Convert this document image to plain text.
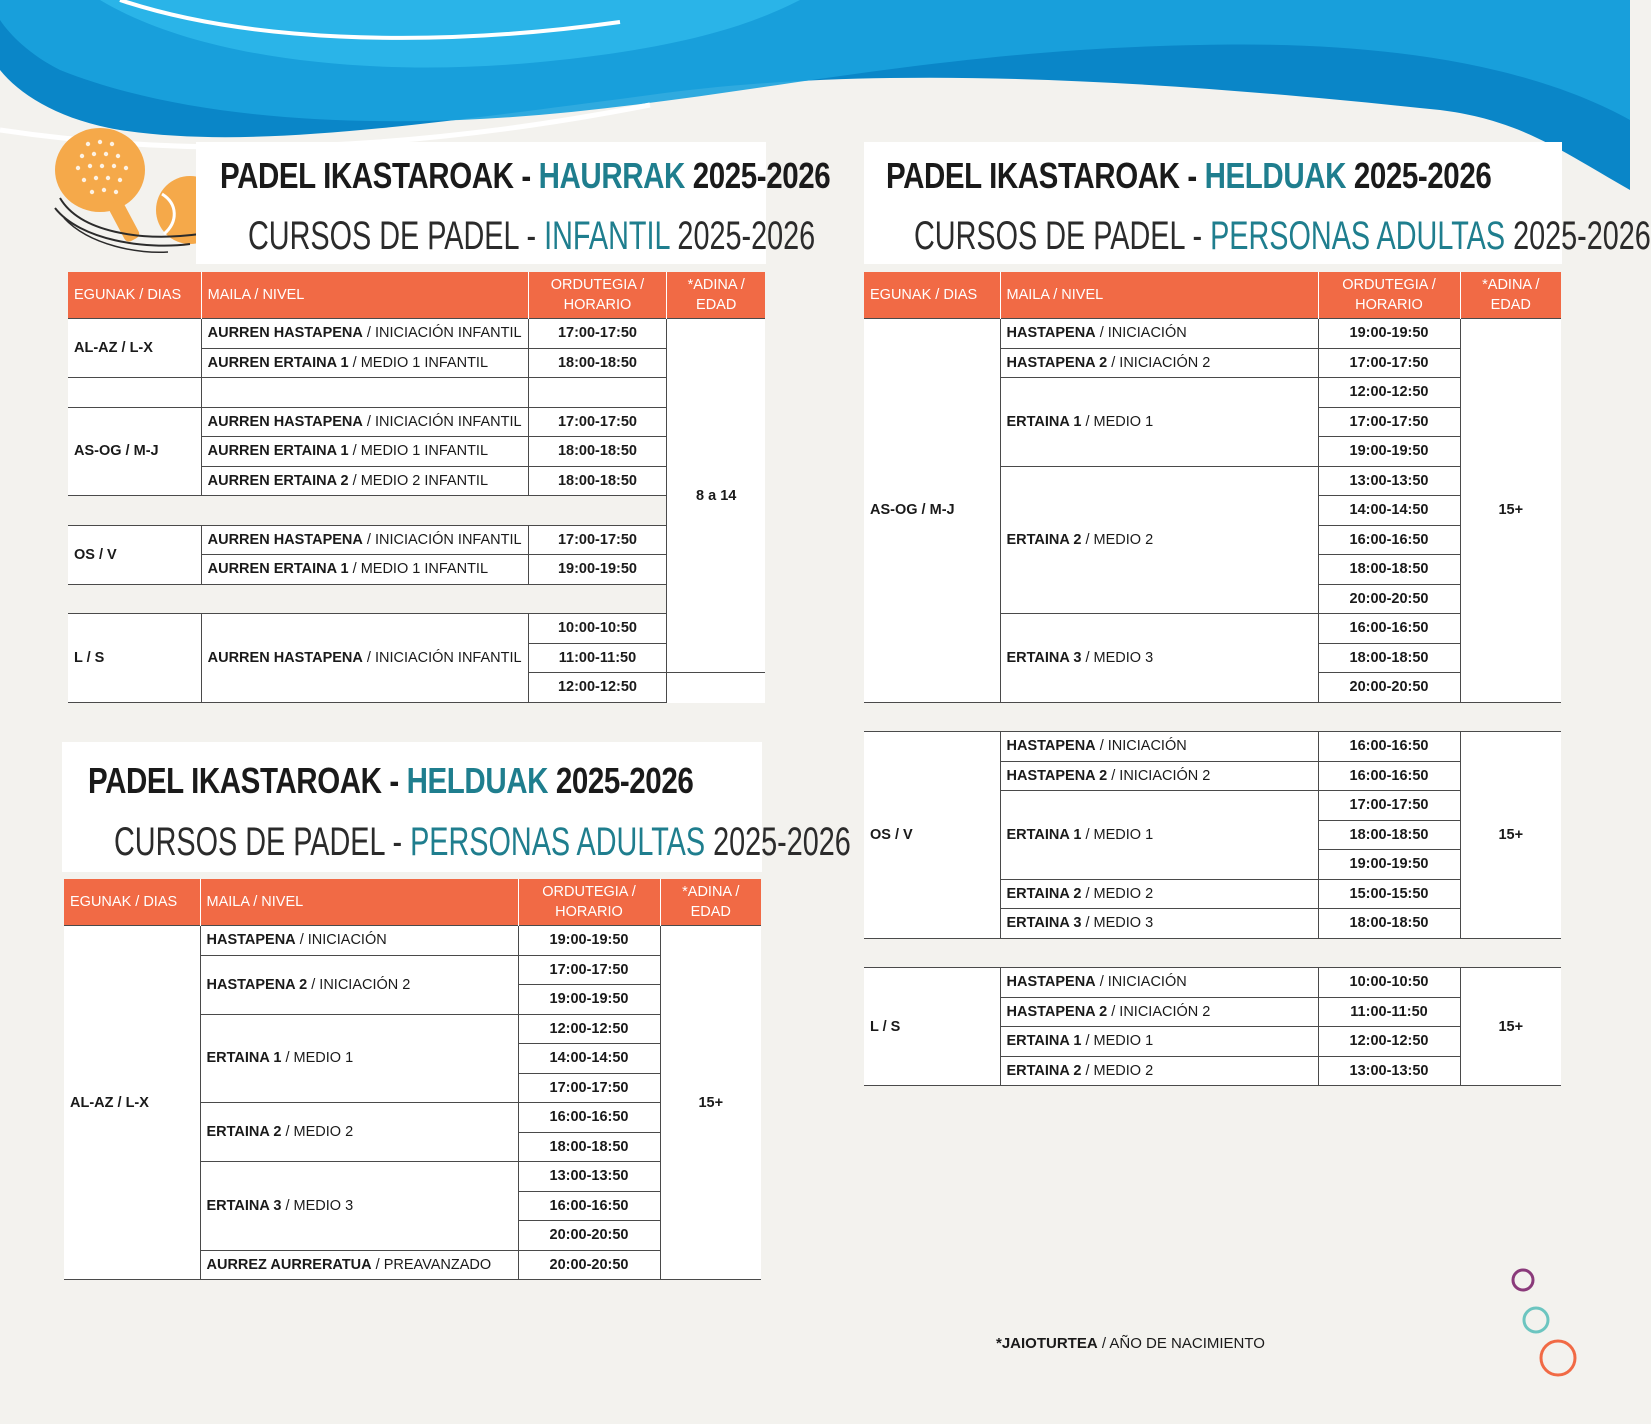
PADEL IKASTAROAK - HAURRAK 2025-2026
CURSOS DE PADEL - INFANTIL 2025-2026
EGUNAK / DIAS	MAILA / NIVEL	ORDUTEGIA /
HORARIO	*ADINA /
EDAD
AL-AZ / L-X	AURREN HASTAPENA / INICIACIÓN INFANTIL	17:00-17:50	8 a 14
	AURREN ERTAINA 1 / MEDIO 1 INFANTIL	18:00-18:50	

AS-OG / M-J	AURREN HASTAPENA / INICIACIÓN INFANTIL	17:00-17:50	
	AURREN ERTAINA 1 / MEDIO 1 INFANTIL	18:00-18:50	
	AURREN ERTAINA 2 / MEDIO 2 INFANTIL	18:00-18:50	

OS / V	AURREN HASTAPENA / INICIACIÓN INFANTIL	17:00-17:50	
	AURREN ERTAINA 1 / MEDIO 1 INFANTIL	19:00-19:50	

L / S	AURREN HASTAPENA / INICIACIÓN INFANTIL	10:00-10:50	
		11:00-11:50	
		12:00-12:50	
PADEL IKASTAROAK - HELDUAK 2025-2026
CURSOS DE PADEL - PERSONAS ADULTAS 2025-2026
EGUNAK / DIAS	MAILA / NIVEL	ORDUTEGIA /
HORARIO	*ADINA /
EDAD
AL-AZ / L-X	HASTAPENA / INICIACIÓN	19:00-19:50	15+
	HASTAPENA 2 / INICIACIÓN 2	17:00-17:50	
		19:00-19:50	
	ERTAINA 1 / MEDIO 1	12:00-12:50	
		14:00-14:50	
		17:00-17:50	
	ERTAINA 2 / MEDIO 2	16:00-16:50	
		18:00-18:50	
	ERTAINA 3 / MEDIO 3	13:00-13:50	
		16:00-16:50	
		20:00-20:50	
	AURREZ AURRERATUA / PREAVANZADO	20:00-20:50	
PADEL IKASTAROAK - HELDUAK 2025-2026
CURSOS DE PADEL - PERSONAS ADULTAS 2025-2026
EGUNAK / DIAS	MAILA / NIVEL	ORDUTEGIA /
HORARIO	*ADINA /
EDAD
AS-OG / M-J	HASTAPENA / INICIACIÓN	19:00-19:50	15+
	HASTAPENA 2 / INICIACIÓN 2	17:00-17:50	
	ERTAINA 1 / MEDIO 1	12:00-12:50	
		17:00-17:50	
		19:00-19:50	
	ERTAINA 2 / MEDIO 2	13:00-13:50	
		14:00-14:50	
		16:00-16:50	
		18:00-18:50	
		20:00-20:50	
	ERTAINA 3 / MEDIO 3	16:00-16:50	
		18:00-18:50	
		20:00-20:50	

OS / V	HASTAPENA / INICIACIÓN	16:00-16:50	15+
	HASTAPENA 2 / INICIACIÓN 2	16:00-16:50	
	ERTAINA 1 / MEDIO 1	17:00-17:50	
		18:00-18:50	
		19:00-19:50	
	ERTAINA 2 / MEDIO 2	15:00-15:50	
	ERTAINA 3 / MEDIO 3	18:00-18:50	

L / S	HASTAPENA / INICIACIÓN	10:00-10:50	15+
	HASTAPENA 2 / INICIACIÓN 2	11:00-11:50	
	ERTAINA 1 / MEDIO 1	12:00-12:50	
	ERTAINA 2 / MEDIO 2	13:00-13:50	
*JAIOTURTEA / AÑO DE NACIMIENTO
